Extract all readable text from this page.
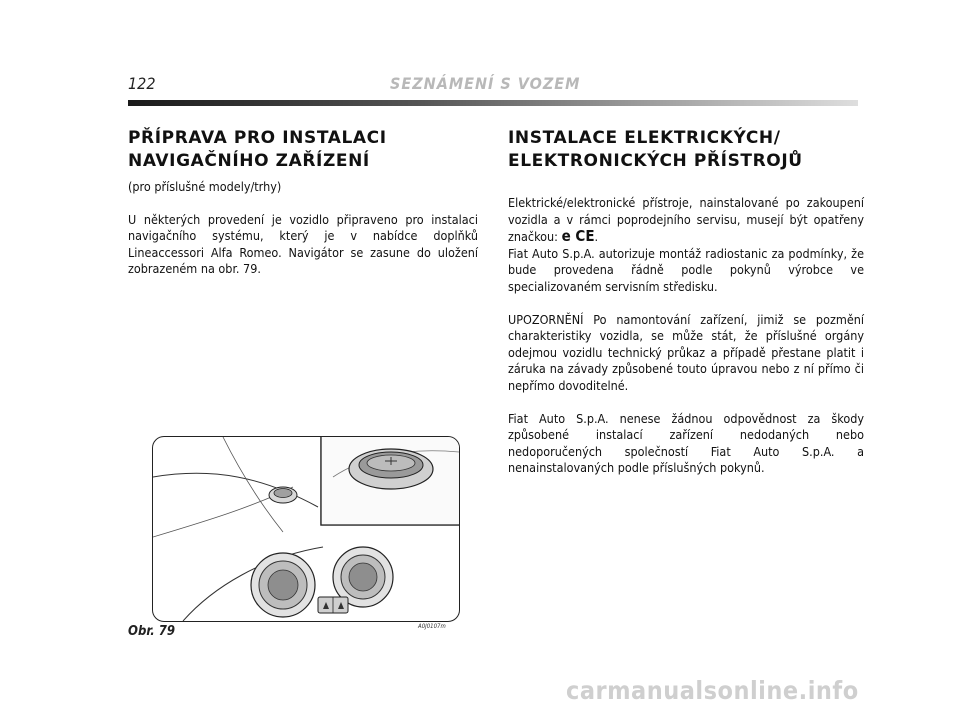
122	SEZNÁMENÍ S VOZEM
PŘÍPRAVA PRO INSTALACI
NAVIGAČNÍHO ZAŘÍZENÍ

(pro příslušné modely/trhy)

U některých provedení je vozidlo připraveno pro instalaci navigačního systému, který je v nabídce doplňků Lineaccessori Alfa Romeo. Navigátor se zasune do uložení zobrazeném na obr. 79.

INSTALACE ELEKTRICKÝCH/
ELEKTRONICKÝCH PŘÍSTROJŮ

Elektrické/elektronické přístroje, nainstalované po zakoupení vozidla a v rámci poprodejního servisu, musejí být opatřeny značkou: e CE.

Fiat Auto S.p.A. autorizuje montáž radiostanic za podmínky, že bude provedena řádně podle pokynů výrobce ve specializovaném servisním středisku.

UPOZORNĚNÍ Po namontování zařízení, jimiž se pozmění charakteristiky vozidla, se může stát, že příslušné orgány odejmou vozidlu technický průkaz a případě přestane platit i záruka na závady způsobené touto úpravou nebo z ní přímo či nepřímo dovoditelné.

Fiat Auto S.p.A. nenese žádnou odpovědnost za škody způsobené instalací zařízení nedodaných nebo nedoporučených společností Fiat Auto S.p.A. a nenainstalovaných podle příslušných pokynů.

A0J0107m
Obr. 79
carmanualsonline.info
